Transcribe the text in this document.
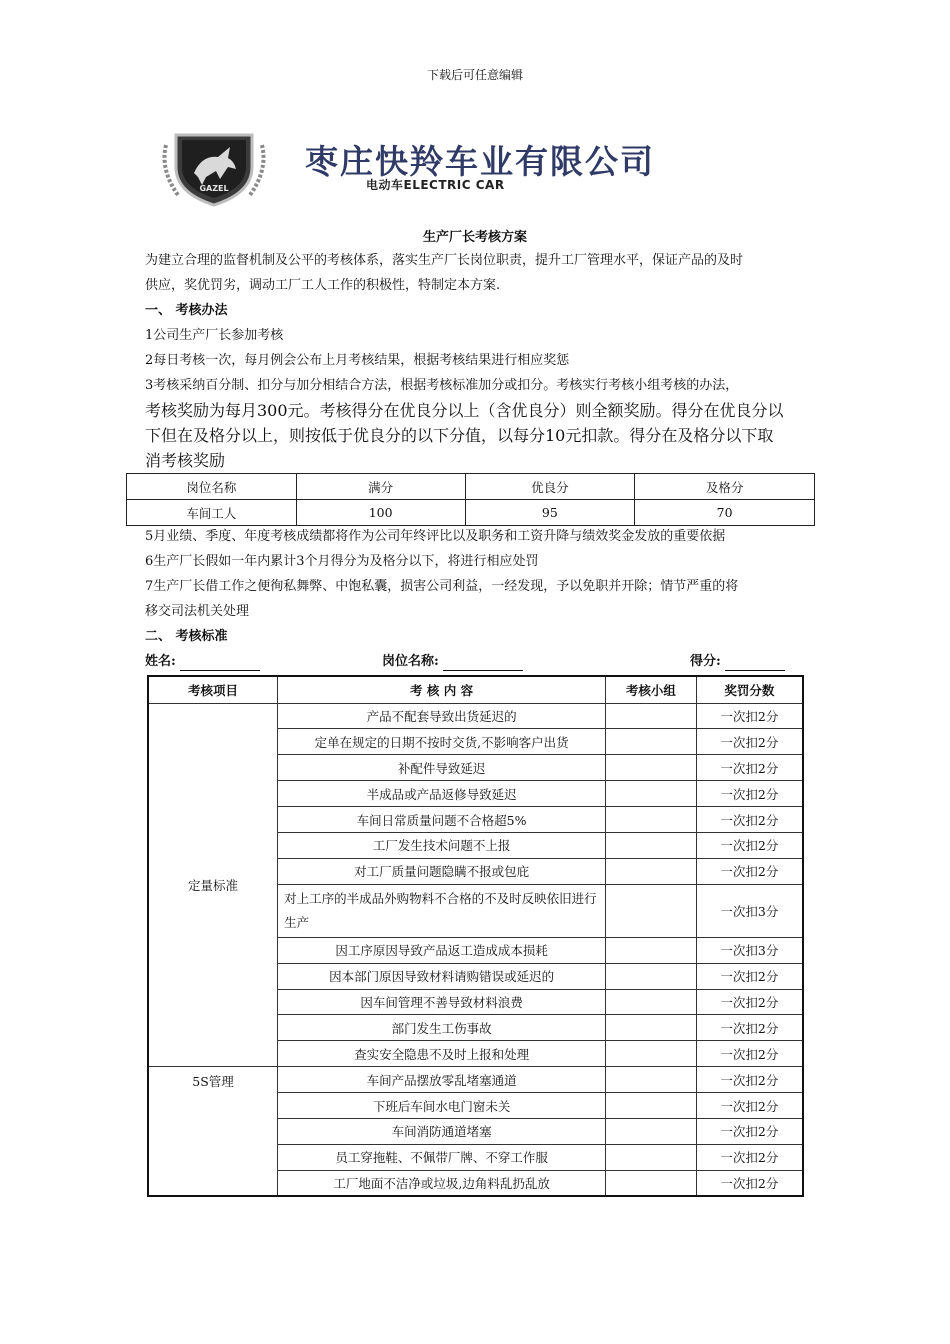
下载后可任意编辑
GAZEL
枣庄快羚车业有限公司
电动车ELECTRIC CAR
生产厂长考核方案
为建立合理的监督机制及公平的考核体系，落实生产厂长岗位职责，提升工厂管理水平，保证产品的及时
供应，奖优罚劣，调动工厂工人工作的积极性，特制定本方案.
一、 考核办法
1公司生产厂长参加考核
2每日考核一次，每月例会公布上月考核结果，根据考核结果进行相应奖惩
3考核采纳百分制、扣分与加分相结合方法，根据考核标准加分或扣分。考核实行考核小组考核的办法，
考核奖励为每月300元。考核得分在优良分以上（含优良分）则全额奖励。得分在优良分以
下但在及格分以上，则按低于优良分的以下分值，以每分10元扣款。得分在及格分以下取
消考核奖励
岗位名称	满分	优良分	及格分
车间工人	100	95	70
5月业绩、季度、年度考核成绩都将作为公司年终评比以及职务和工资升降与绩效奖金发放的重要依据
6生产厂长假如一年内累计3个月得分为及格分以下，将进行相应处罚
7生产厂长借工作之便徇私舞弊、中饱私囊，损害公司利益，一经发现，予以免职并开除；情节严重的将
移交司法机关处理
二、 考核标准
姓名:	岗位名称:	得分:
考核项目	考 核 内 容	考核小组	奖罚分数
定量标准	产品不配套导致出货延迟的		一次扣2分
	定单在规定的日期不按时交货,不影响客户出货		一次扣2分
	补配件导致延迟		一次扣2分
	半成品或产品返修导致延迟		一次扣2分
	车间日常质量问题不合格超5%		一次扣2分
	工厂发生技术问题不上报		一次扣2分
	对工厂质量问题隐瞒不报或包庇		一次扣2分
	对上工序的半成品外购物料不合格的不及时反映依旧进行生产		一次扣3分
	因工序原因导致产品返工造成成本损耗		一次扣3分
	因本部门原因导致材料请购错误或延迟的		一次扣2分
	因车间管理不善导致材料浪费		一次扣2分
	部门发生工伤事故		一次扣2分
	查实安全隐患不及时上报和处理		一次扣2分
5S管理	车间产品摆放零乱堵塞通道		一次扣2分
	下班后车间水电门窗未关		一次扣2分
	车间消防通道堵塞		一次扣2分
	员工穿拖鞋、不佩带厂牌、不穿工作服		一次扣2分
	工厂地面不洁净或垃圾,边角料乱扔乱放		一次扣2分
